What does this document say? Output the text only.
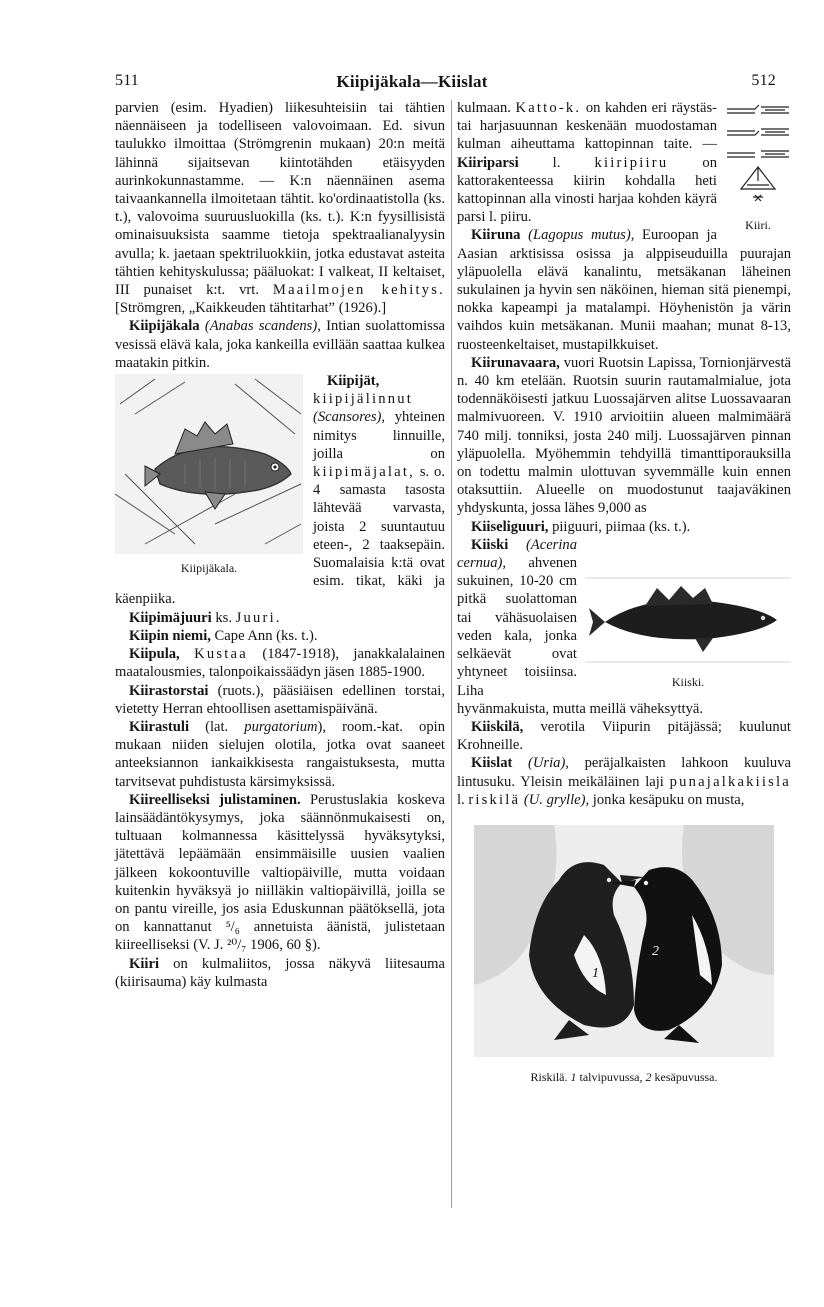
511	Kiipijäkala—Kiislat	512

parvien (esim. Hyadien) liikesuhteisiin tai tähtien näennäiseen ja todelliseen valovoimaan. Ed. sivun taulukko ilmoittaa (Strömgrenin mukaan) 20:n meitä lähinnä sijaitsevan kiintotähden etäisyyden aurinkokunnastamme. — K:n näennäinen asema taivaankannella ilmoitetaan tähtit. ko'ordinaatistolla (ks. t.), valovoima suuruusluokilla (ks. t.). K:n fyysillisistä ominaisuuksista saamme tietoja spektraalianalyysin avulla; k. jaetaan spektriluokkiin, jotka edustavat asteita tähtien kehityskulussa; pääluokat: I valkeat, II keltaiset, III punaiset k:t. vrt. Maailmojen kehitys. [Strömgren, „Kaikkeuden tähtitarhat” (1926).]

Kiipijäkala (Anabas scandens), Intian suolattomissa vesissä elävä kala, joka kankeilla evillään saattaa kulkea maatakin pitkin.

Kiipijäkala.

Kiipijät, kiipijälinnut (Scansores), yhteinen nimitys linnuille, joilla on kiipimäjalat, s. o. 4 samasta tasosta lähtevää varvasta, joista 2 suuntautuu eteen-, 2 taaksepäin. Suomalaisia k:tä ovat esim. tikat, käki ja käenpiika.

Kiipimäjuuri ks. Juuri.

Kiipin niemi, Cape Ann (ks. t.).

Kiipula, Kustaa (1847-1918), janakkalalainen maatalousmies, talonpoikaissäädyn jäsen 1885-1900.

Kiirastorstai (ruots.), pääsiäisen edellinen torstai, vietetty Herran ehtoollisen asettamispäivänä.

Kiirastuli (lat. purgatorium), room.-kat. opin mukaan niiden sielujen olotila, jotka ovat saaneet anteeksiannon iankaikkisesta rangaistuksesta, mutta tarvitsevat puhdistusta kärsimyksissä.

Kiireelliseksi julistaminen. Perustuslakia koskeva lainsäädäntökysymys, joka säännönmukaisesti on, tultuaan kolmannessa käsittelyssä hyväksytyksi, jätettävä lepäämään ensimmäisille uusien vaalien jälkeen kokoontuville valtiopäiville, mutta voidaan kuitenkin hyväksyä jo niilläkin valtiopäivillä, joilla se on pantu vireille, jos asia Eduskunnan päätöksellä, jota on kannattanut ⁵/₆ annetuista äänistä, julistetaan kiireelliseksi (V. J. ²⁰/₇ 1906, 60 §).

Kiiri on kulmaliitos, jossa näkyvä liitesauma (kiirisauma) käy kulmasta

Kiiri.

kulmaan. Katto-k. on kahden eri räystäs- tai harjasuunnan keskenään muodostaman kulman aiheuttama kattopinnan taite. — Kiiriparsi l. kiiripiiru on kattorakenteessa kiirin kohdalla heti kattopinnan alla vinosti harjaa kohden käyrä parsi l. piiru.

Kiiruna (Lagopus mutus), Euroopan ja Aasian arktisissa osissa ja alppiseuduilla puurajan yläpuolella elävä kanalintu, metsäkanan läheinen sukulainen ja hyvin sen näköinen, hieman sitä pienempi, nokka kapeampi ja matalampi. Höyhenistön ja värin vaihdos kuin metsäkanan. Munii maahan; munat 8-13, ruosteenkeltaiset, mustapilkkuiset.

Kiirunavaara, vuori Ruotsin Lapissa, Tornionjärvestä n. 40 km etelään. Ruotsin suurin rautamalmialue, jota todennäköisesti jatkuu Luossajärven alitse Luossavaaran malmivuoreen. V. 1910 arvioitiin alueen malmimäärä 740 milj. tonniksi, josta 240 milj. Luossajärven pinnan yläpuolella. Myöhemmin tehdyillä timanttiporauksilla on todettu malmin ulottuvan syvemmälle kuin ennen otaksuttiin. Alueelle on muodostunut taajaväkinen yhdyskunta, jossa lähes 9,000 as

Kiiseliguuri, piiguuri, piimaa (ks. t.).

Kiiski.

Kiiski (Acerina cernua), ahvenen sukuinen, 10-20 cm pitkä suolattoman tai vähäsuolaisen veden kala, jonka selkäevät ovat yhtyneet toisiinsa. Liha hyvänmakuista, mutta meillä väheksyttyä.

Kiiskilä, verotila Viipurin pitäjässä; kuulunut Krohneille.

Kiislat (Uria), peräjalkaisten lahkoon kuuluva lintusuku. Yleisin meikäläinen laji punajalkakiisla l. riskilä (U. grylle), jonka kesäpuku on musta,

1
2
Riskilä. 1 talvipuvussa, 2 kesäpuvussa.
